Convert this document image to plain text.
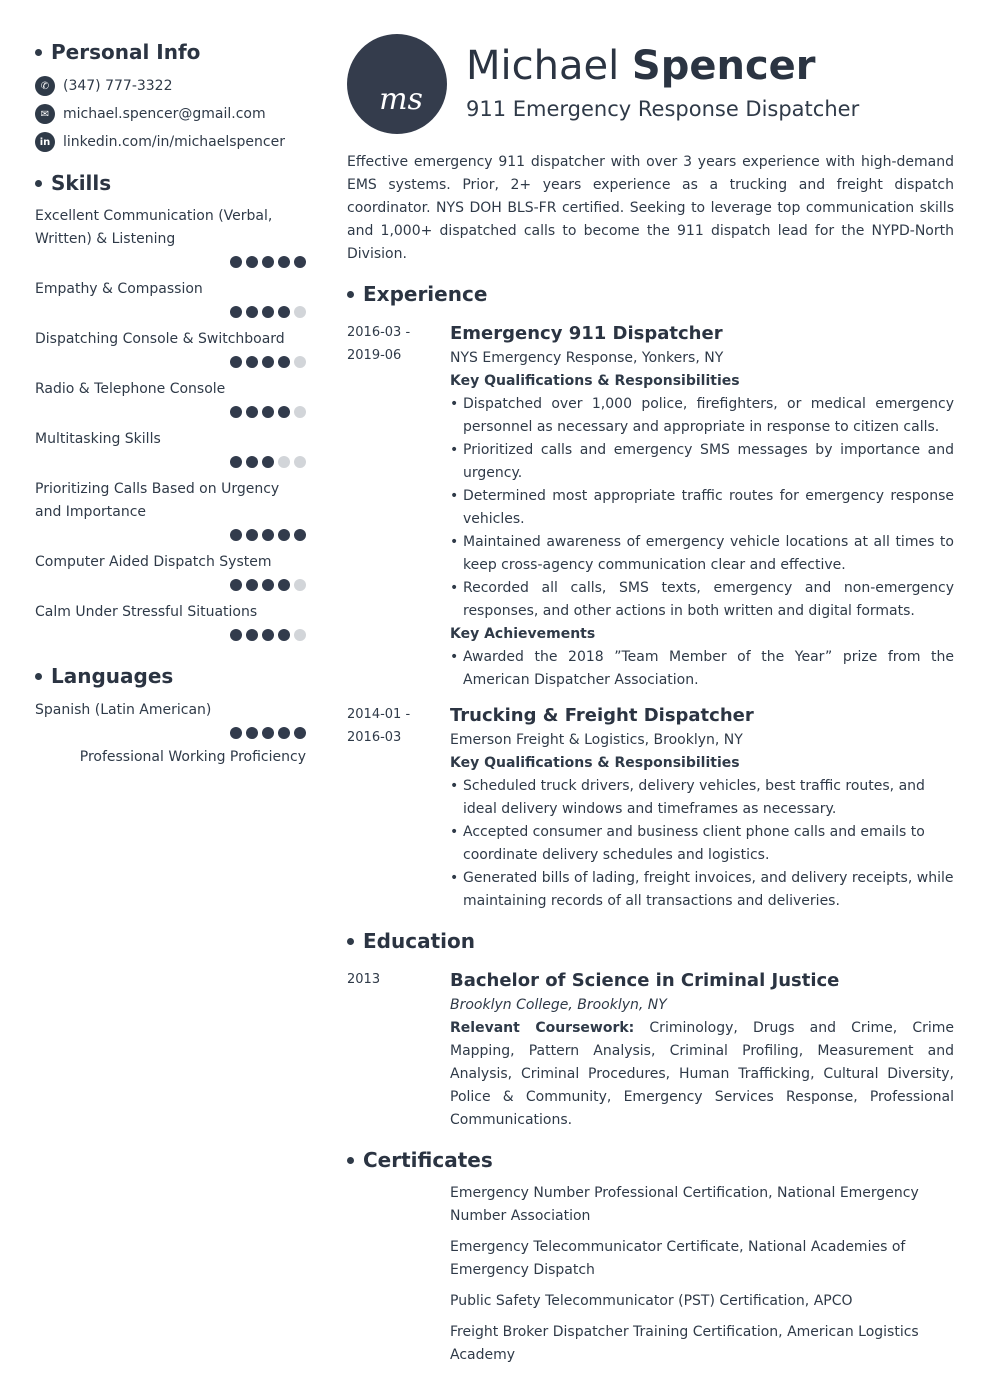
Personal Info
✆ (347) 777-3322
✉ michael.spencer@gmail.com
in linkedin.com/in/michaelspencer
Skills
Excellent Communication (Verbal, Written) & Listening
Empathy & Compassion
Dispatching Console & Switchboard
Radio & Telephone Console
Multitasking Skills
Prioritizing Calls Based on Urgency and Importance
Computer Aided Dispatch System
Calm Under Stressful Situations
Languages
Spanish (Latin American)
Professional Working Proficiency
ms
Michael Spencer
911 Emergency Response Dispatcher
Effective emergency 911 dispatcher with over 3 years experience with high-demand EMS systems. Prior, 2+ years experience as a trucking and freight dispatch coordinator. NYS DOH BLS-FR certified. Seeking to leverage top communication skills and 1,000+ dispatched calls to become the 911 dispatch lead for the NYPD-North Division.
Experience
2016-03 -
2019-06
Emergency 911 Dispatcher
NYS Emergency Response, Yonkers, NY
Key Qualifications & Responsibilities
• Dispatched over 1,000 police, firefighters, or medical emergency personnel as necessary and appropriate in response to citizen calls.
• Prioritized calls and emergency SMS messages by importance and urgency.
• Determined most appropriate traffic routes for emergency response vehicles.
• Maintained awareness of emergency vehicle locations at all times to keep cross-agency communication clear and effective.
• Recorded all calls, SMS texts, emergency and non-emergency responses, and other actions in both written and digital formats.
Key Achievements
• Awarded the 2018 ”Team Member of the Year” prize from the American Dispatcher Association.
2014-01 -
2016-03
Trucking & Freight Dispatcher
Emerson Freight & Logistics, Brooklyn, NY
Key Qualifications & Responsibilities
• Scheduled truck drivers, delivery vehicles, best traffic routes, and ideal delivery windows and timeframes as necessary.
• Accepted consumer and business client phone calls and emails to coordinate delivery schedules and logistics.
• Generated bills of lading, freight invoices, and delivery receipts, while maintaining records of all transactions and deliveries.
Education
2013	Bachelor of Science in Criminal Justice
Brooklyn College, Brooklyn, NY
Relevant Coursework: Criminology, Drugs and Crime, Crime Mapping, Pattern Analysis, Criminal Profiling, Measurement and Analysis, Criminal Procedures, Human Trafficking, Cultural Diversity, Police & Community, Emergency Services Response, Professional Communications.
Certificates
Emergency Number Professional Certification, National Emergency Number Association
Emergency Telecommunicator Certificate, National Academies of Emergency Dispatch
Public Safety Telecommunicator (PST) Certification, APCO
Freight Broker Dispatcher Training Certification, American Logistics Academy
